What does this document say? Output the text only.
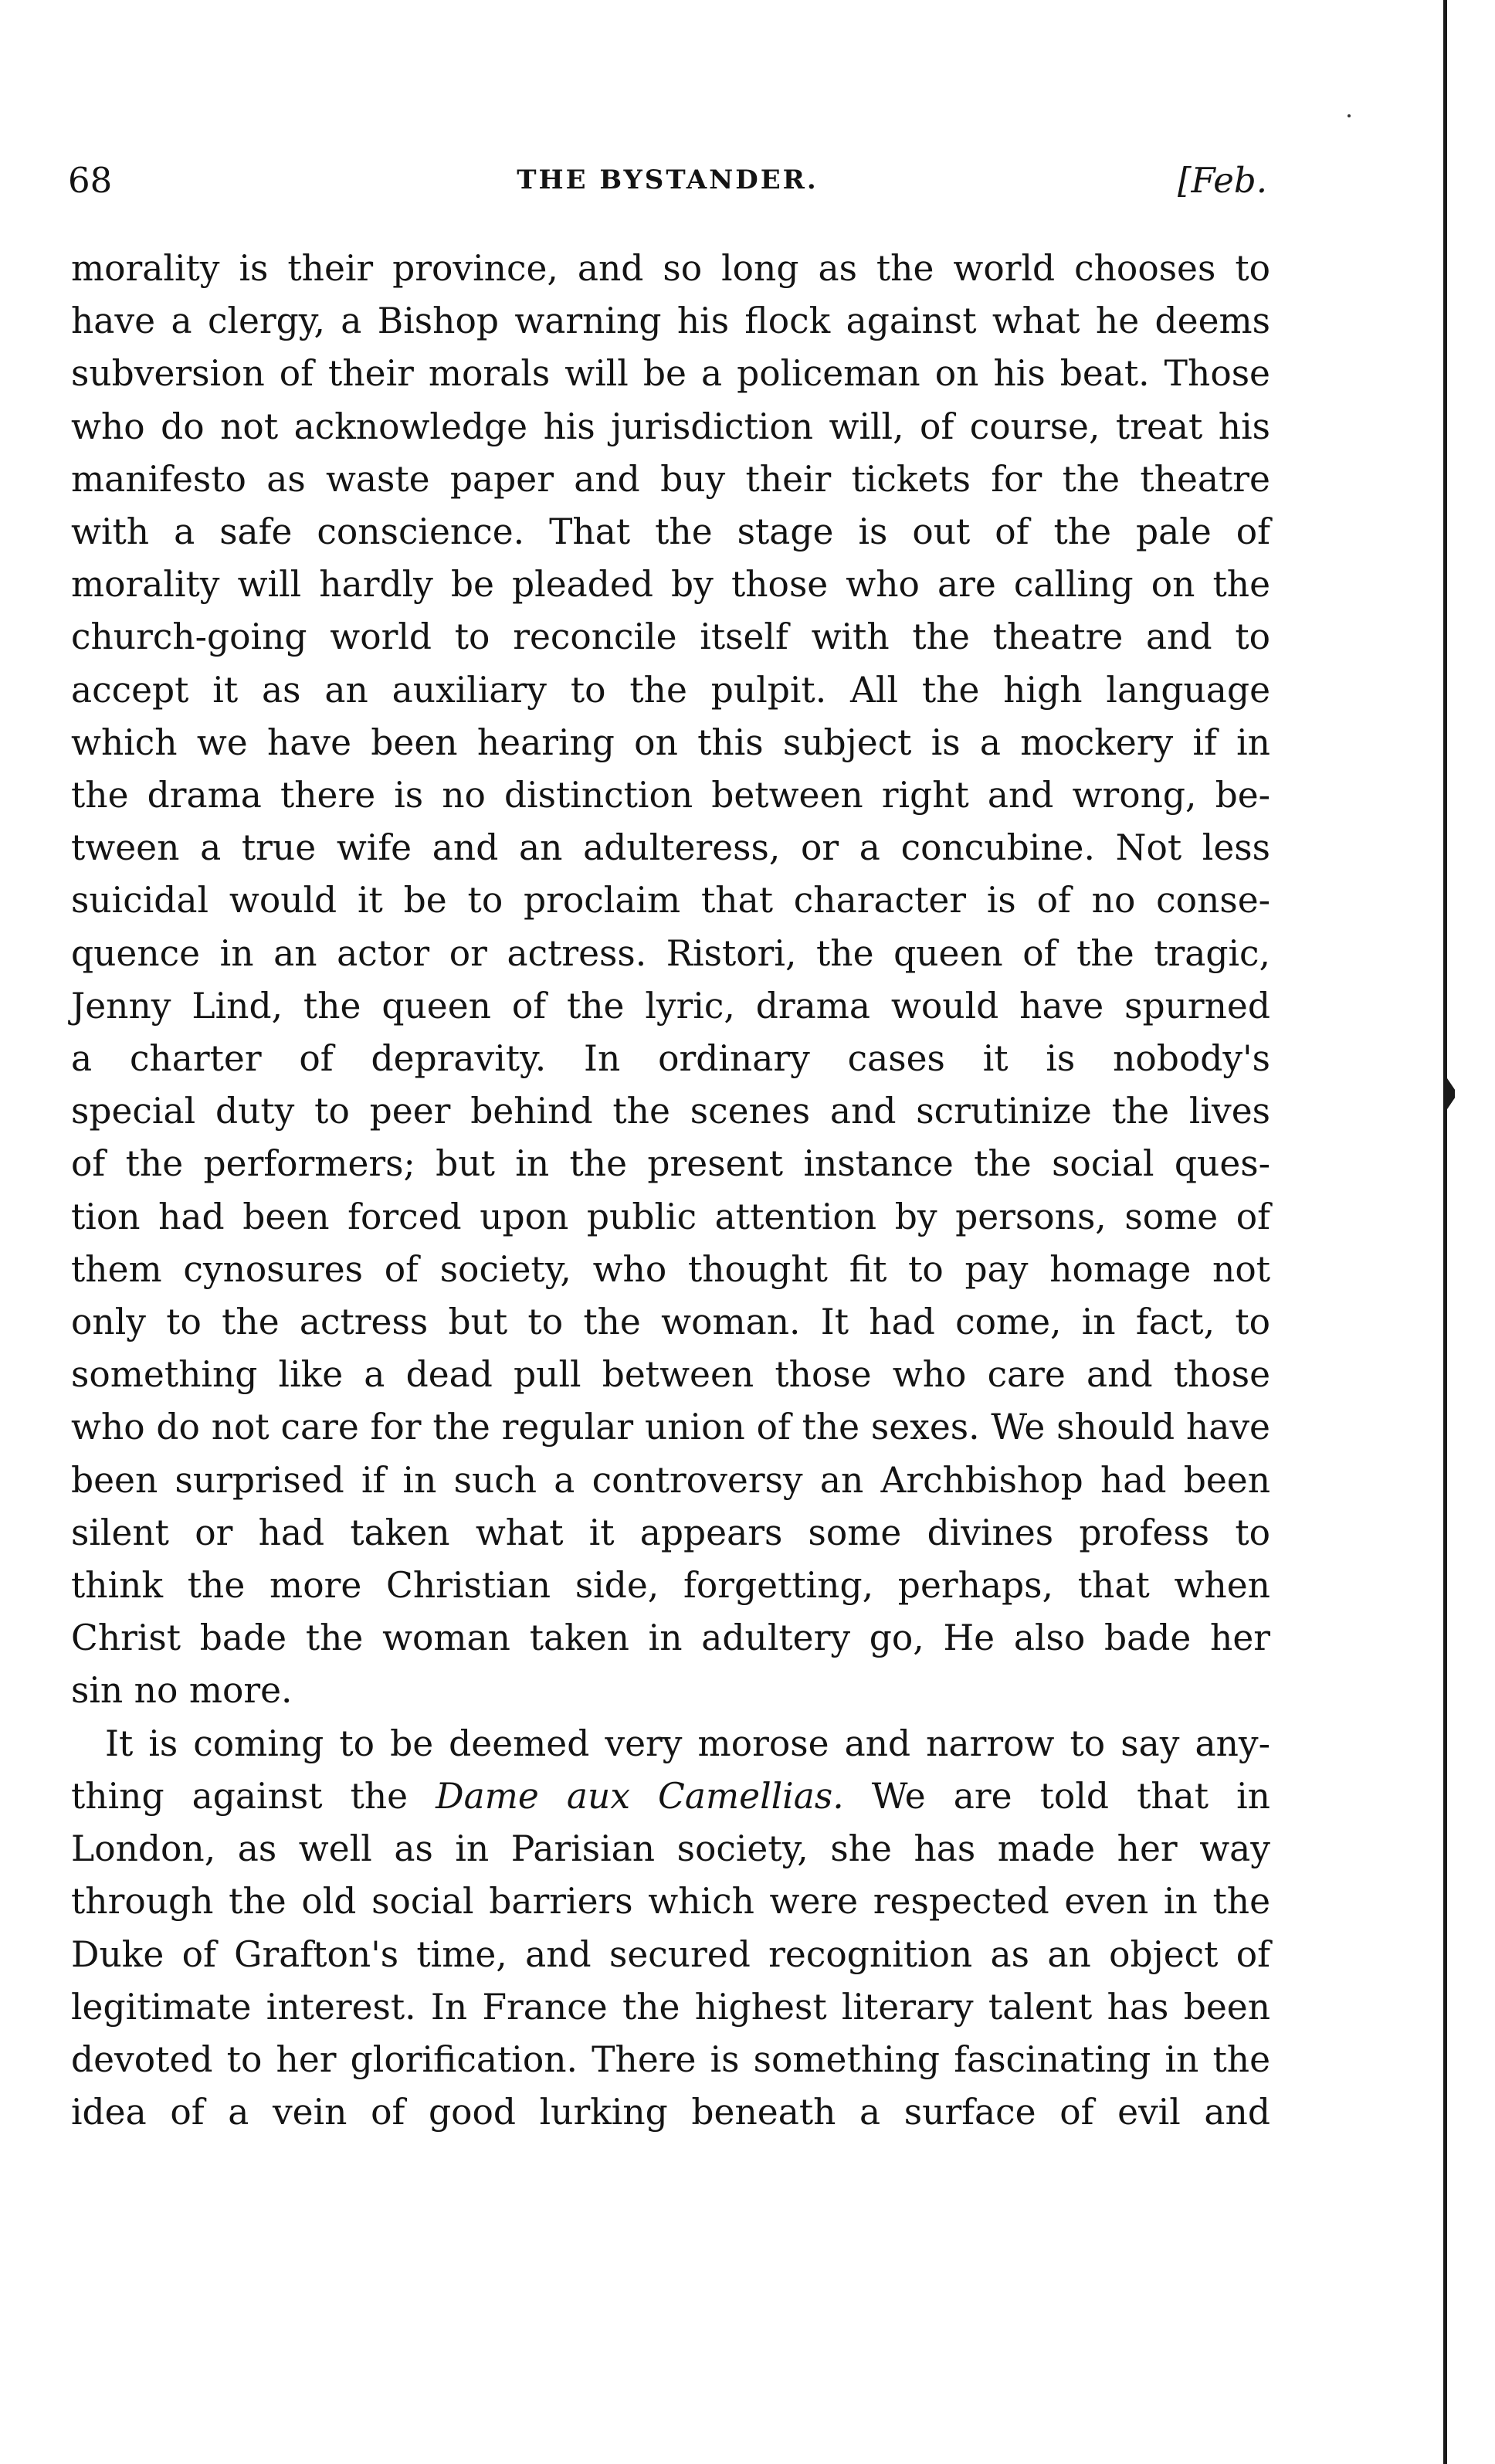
68	THE BYSTANDER.	[Feb.

morality is their province, and so long as the world chooses to
have a clergy, a Bishop warning his flock against what he deems
subversion of their morals will be a policeman on his beat. Those
who do not acknowledge his jurisdiction will, of course, treat his
manifesto as waste paper and buy their tickets for the theatre
with a safe conscience. That the stage is out of the pale of
morality will hardly be pleaded by those who are calling on the
church-going world to reconcile itself with the theatre and to
accept it as an auxiliary to the pulpit. All the high language
which we have been hearing on this subject is a mockery if in
the drama there is no distinction between right and wrong, be-
tween a true wife and an adulteress, or a concubine. Not less
suicidal would it be to proclaim that character is of no conse-
quence in an actor or actress. Ristori, the queen of the tragic,
Jenny Lind, the queen of the lyric, drama would have spurned
a charter of depravity. In ordinary cases it is nobody's
special duty to peer behind the scenes and scrutinize the lives
of the performers; but in the present instance the social ques-
tion had been forced upon public attention by persons, some of
them cynosures of society, who thought fit to pay homage not
only to the actress but to the woman. It had come, in fact, to
something like a dead pull between those who care and those
who do not care for the regular union of the sexes. We should have
been surprised if in such a controversy an Archbishop had been
silent or had taken what it appears some divines profess to
think the more Christian side, forgetting, perhaps, that when
Christ bade the woman taken in adultery go, He also bade her
sin no more.

It is coming to be deemed very morose and narrow to say any-
thing against the Dame aux Camellias. We are told that in
London, as well as in Parisian society, she has made her way
through the old social barriers which were respected even in the
Duke of Grafton's time, and secured recognition as an object of
legitimate interest. In France the highest literary talent has been
devoted to her glorification. There is something fascinating in the
idea of a vein of good lurking beneath a surface of evil and
